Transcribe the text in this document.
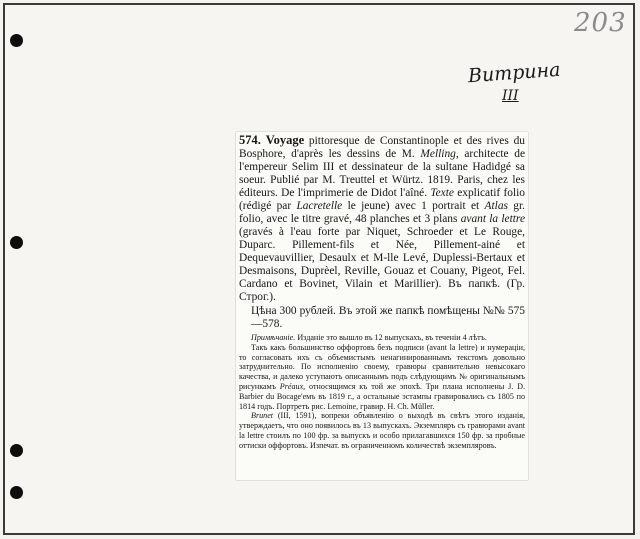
203
Витрина
III

574. Voyage pittoresque de Constantinople et des rives du Bosphore, d'après les dessins de M. Melling, architecte de l'empereur Selim III et dessinateur de la sultane Hadidgé sa soeur. Publié par M. Treuttel et Würtz. 1819. Paris, chez les éditeurs. De l'imprimerie de Didot l'aîné. Texte explicatif folio (rédigé par Lacretelle le jeune) avec 1 portrait et Atlas gr. folio, avec le titre gravé, 48 planches et 3 plans avant la lettre (gravés à l'eau forte par Niquet, Schroeder et Le Rouge, Duparc. Pillement-fils et Née, Pillement-ainé et Dequevauvillier, Desaulx et M-lle Levé, Duplessi-Bertaux et Desmaisons, Duprèel, Reville, Gouaz et Couany, Pigeot, Fel. Cardano et Bovinet, Vilain et Marillier). Въ папкѣ. (Гр. Строг.).

Цѣна 300 рублей. Въ этой же папкѣ помѣщены №№ 575—578.

Примѣчаніе. Изданіе это вышло въ 12 выпускахъ, въ теченіи 4 лѣтъ.

Такъ какъ большинство оффортовъ безъ подписи (avant la lettre) и нумераціи, то согласовать ихъ съ объемистымъ ненагинированнымъ текстомъ довольно затруднительно. По исполненію своему, гравюры сравнительно невысокаго качества, и далеко уступаютъ описаннымъ подъ слѣдующимъ № оригинальнымъ рисункамъ Préaux, относящимся къ той же эпохѣ. Три плана исполнены J. D. Barbier du Bocage'емъ въ 1819 г., а остальные эстампы гравировались съ 1805 по 1814 годъ. Портретъ рис. Lemoine, гравир. H. Ch. Müller.

Brunet (III, 1591), вопреки объявленію о выходѣ въ свѣтъ этого изданія, утверждаетъ, что оно появилось въ 13 выпускахъ. Экземпляръ съ гравюрами avant la lettre стоилъ по 100 фр. за выпускъ и особо прилагавшихся 150 фр. за пробные оттиски оффортовъ. Изпечат. въ ограниченномъ количествѣ экземпляровъ.
